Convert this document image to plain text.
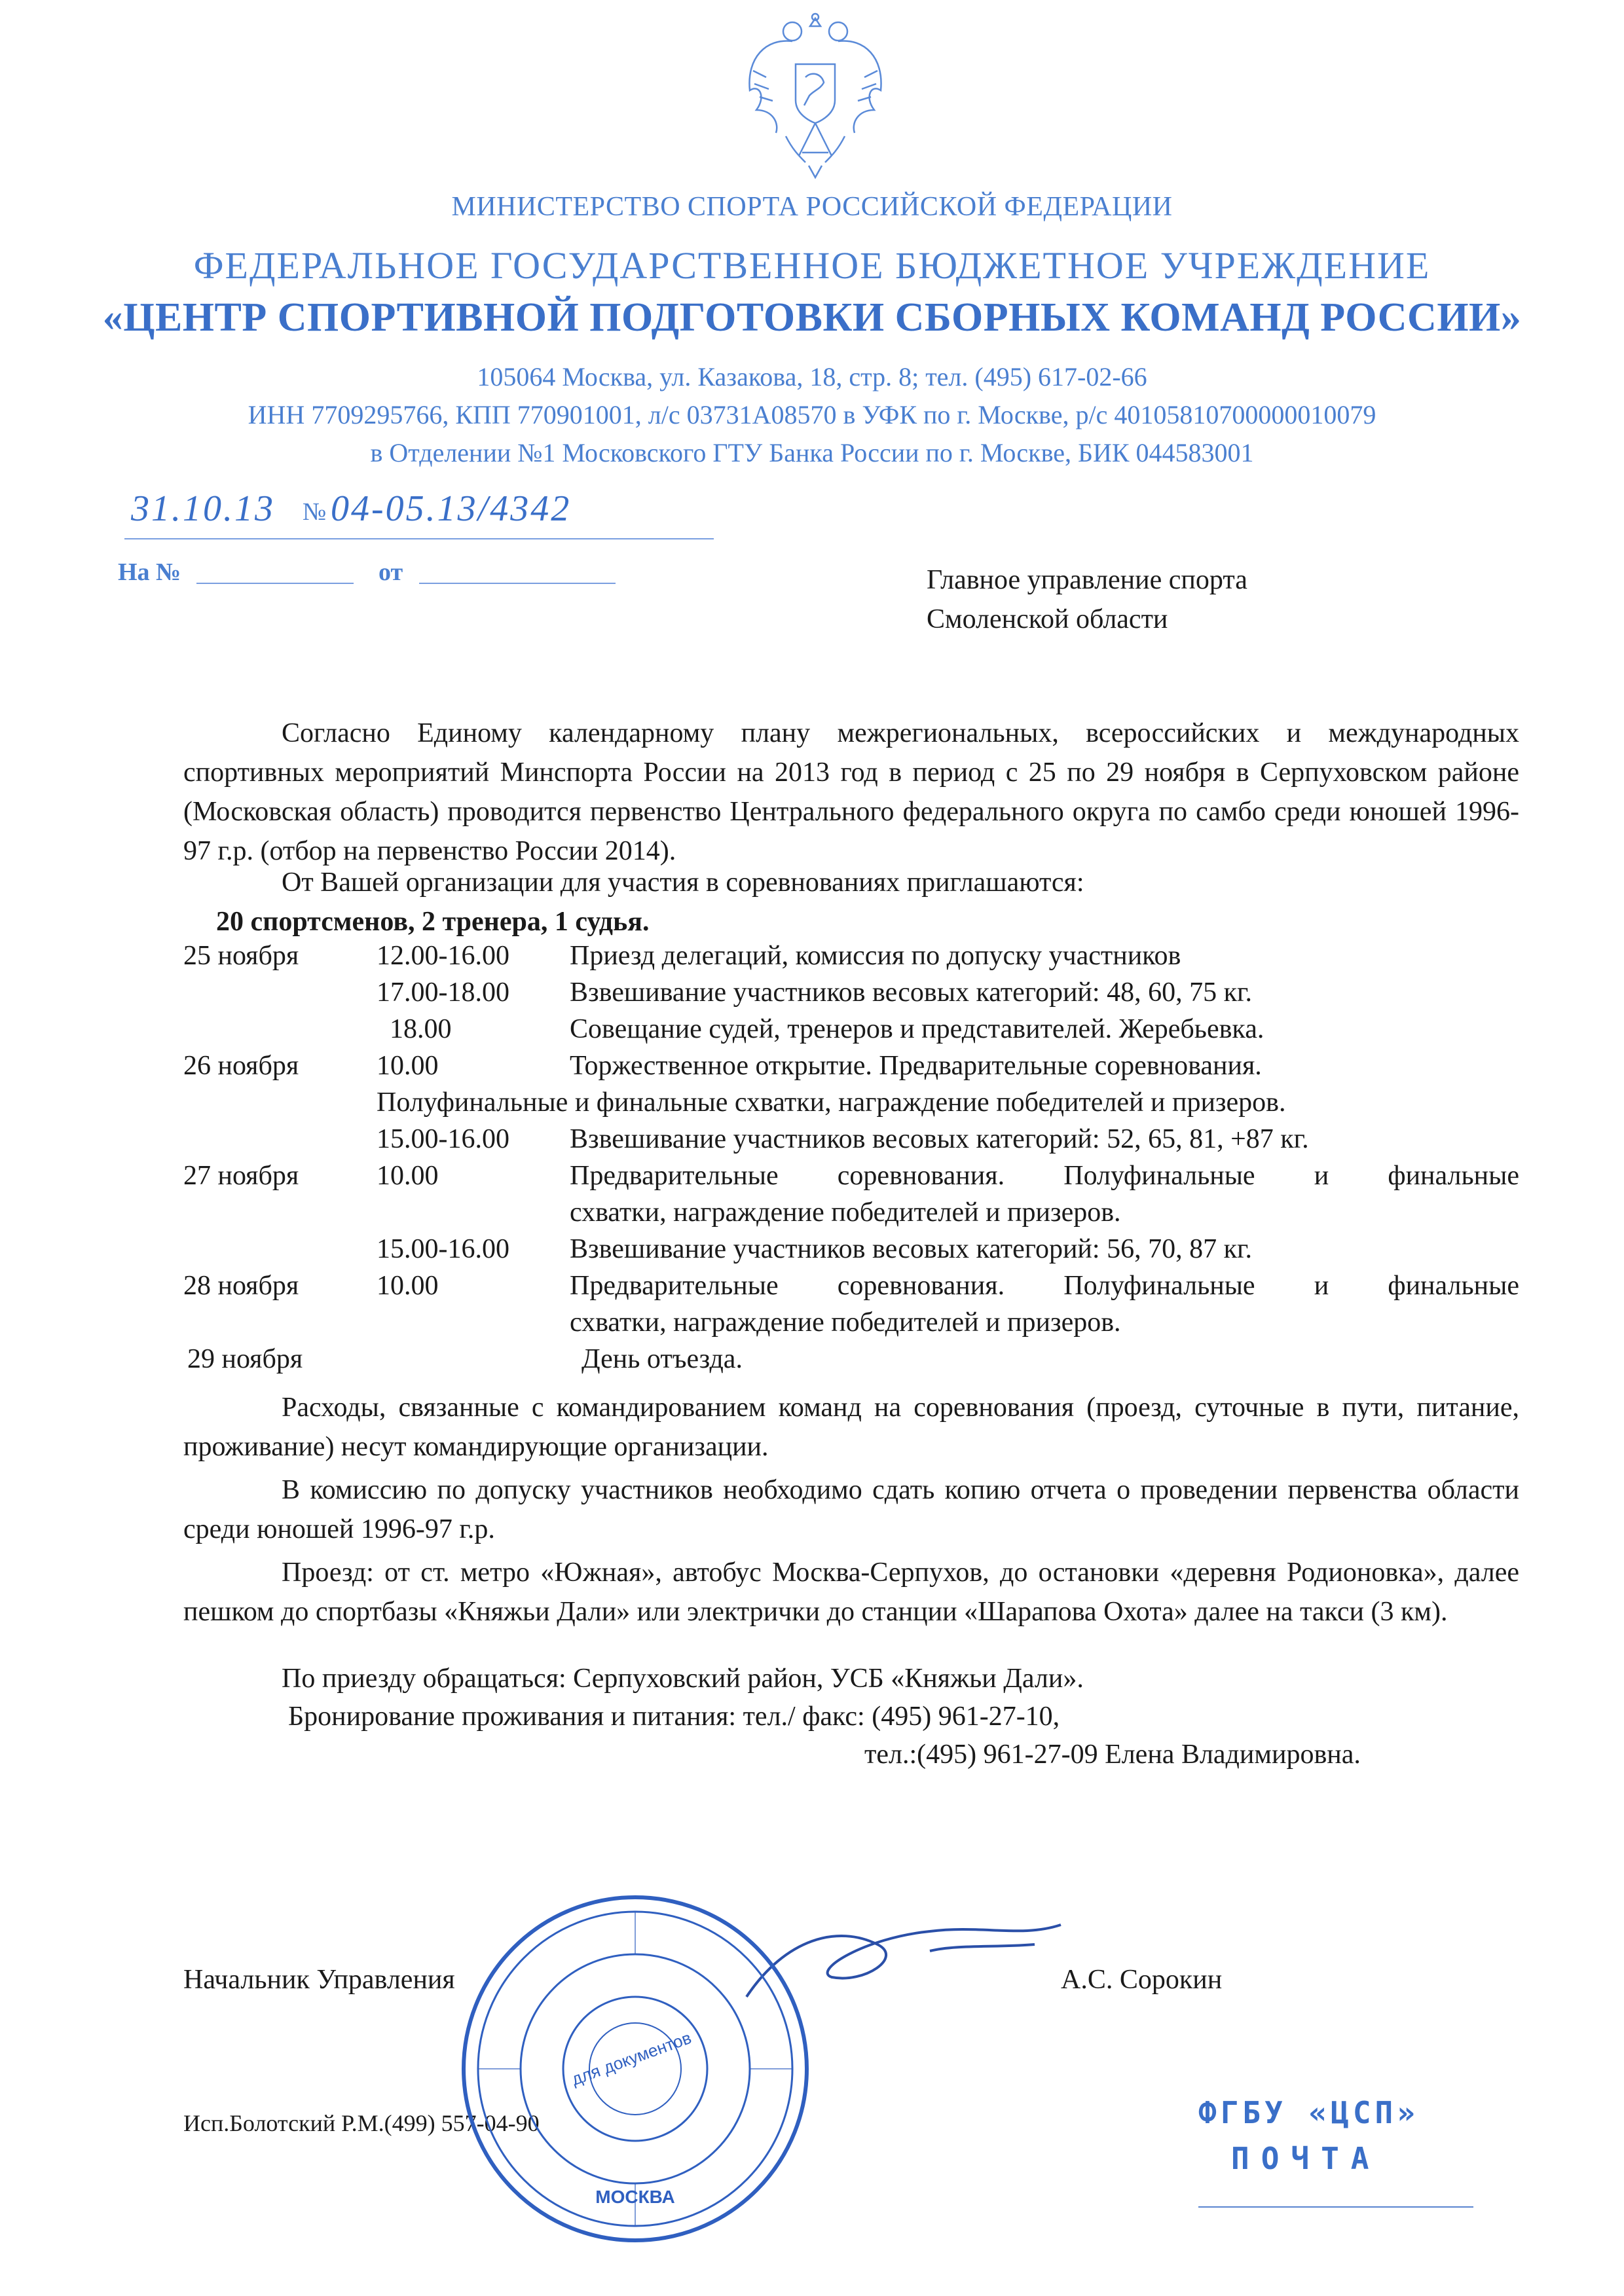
МИНИСТЕРСТВО СПОРТА РОССИЙСКОЙ ФЕДЕРАЦИИ
ФЕДЕРАЛЬНОЕ ГОСУДАРСТВЕННОЕ БЮДЖЕТНОЕ УЧРЕЖДЕНИЕ
«ЦЕНТР СПОРТИВНОЙ ПОДГОТОВКИ СБОРНЫХ КОМАНД РОССИИ»
105064 Москва, ул. Казакова, 18, стр. 8; тел. (495) 617-02-66
ИНН 7709295766, КПП 770901001, л/с 03731А08570 в УФК по г. Москве, р/с 40105810700000010079
в Отделении №1 Московского ГТУ Банка России по г. Москве, БИК 044583001
31.10.13 № 04-05.13/4342
На №	от	Главное управление спорта
Смоленской области
Согласно Единому календарному плану межрегиональных, всероссийских и международных спортивных мероприятий Минспорта России на 2013 год в период с 25 по 29 ноября в Серпуховском районе (Московская область) проводится первенство Центрального федерального округа по самбо среди юношей 1996-97 г.р. (отбор на первенство России 2014).
От Вашей организации для участия в соревнованиях приглашаются:
20 спортсменов, 2 тренера, 1 судья.
25 ноября	12.00-16.00 Приезд делегаций, комиссия по допуску участников
17.00-18.00 Взвешивание участников весовых категорий: 48, 60, 75 кг.
18.00	Совещание судей, тренеров и представителей. Жеребьевка.
26 ноября	10.00	Торжественное открытие. Предварительные соревнования.
Полуфинальные и финальные схватки, награждение победителей и призеров.
15.00-16.00 Взвешивание участников весовых категорий: 52, 65, 81, +87 кг.
27 ноября	10.00	Предварительные соревнования. Полуфинальные и финальные
схватки, награждение победителей и призеров.
15.00-16.00 Взвешивание участников весовых категорий: 56, 70, 87 кг.
28 ноября	10.00	Предварительные соревнования. Полуфинальные и финальные
схватки, награждение победителей и призеров.
29 ноября	День отъезда.
Расходы, связанные с командированием команд на соревнования (проезд, суточные в пути, питание, проживание) несут командирующие организации.
В комиссию по допуску участников необходимо сдать копию отчета о проведении первенства области среди юношей 1996-97 г.р.
Проезд: от ст. метро «Южная», автобус Москва-Серпухов, до остановки «деревня Родионовка», далее пешком до спортбазы «Княжьи Дали» или электрички до станции «Шарапова Охота» далее на такси (3 км).
По приезду обращаться: Серпуховский район, УСБ «Княжьи Дали».
Бронирование проживания и питания: тел./ факс: (495) 961-27-10,
тел.:(495) 961-27-09 Елена Владимировна.
Начальник Управления	А.С. Сорокин
Исп.Болотский Р.М.(499) 557-04-90
для документов
МОСКВА
ФГБУ «ЦСП»
ПОЧТА
